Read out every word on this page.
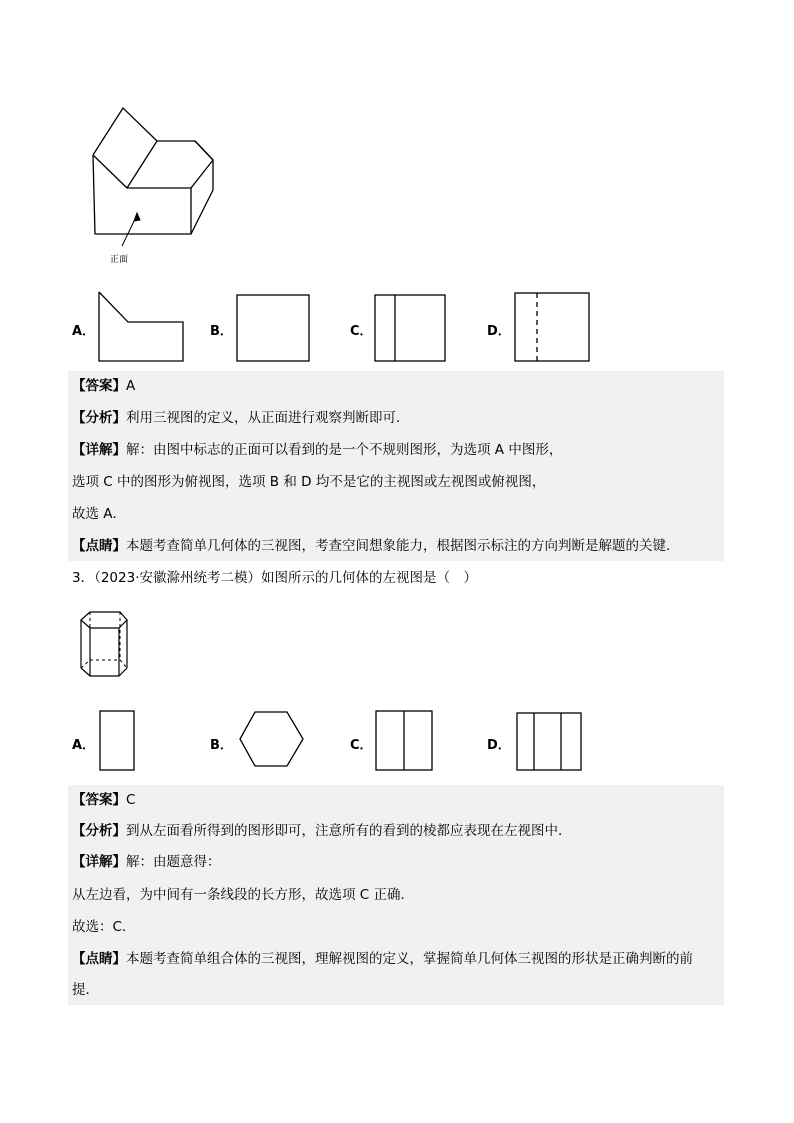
正面
A．	B．	C．	D．
【答案】A
【分析】利用三视图的定义，从正面进行观察判断即可．
【详解】解：由图中标志的正面可以看到的是一个不规则图形，为选项 A 中图形，
选项 C 中的图形为俯视图，选项 B 和 D 均不是它的主视图或左视图或俯视图，
故选 A．
【点睛】本题考查简单几何体的三视图，考查空间想象能力，根据图示标注的方向判断是解题的关键．
3．（2023·安徽滁州统考二模）如图所示的几何体的左视图是（　）
A．	B．	C．	D．
【答案】C
【分析】到从左面看所得到的图形即可，注意所有的看到的棱都应表现在左视图中．
【详解】解：由题意得：
从左边看，为中间有一条线段的长方形，故选项 C 正确．
故选：C．
【点睛】本题考查简单组合体的三视图，理解视图的定义，掌握简单几何体三视图的形状是正确判断的前
提．
